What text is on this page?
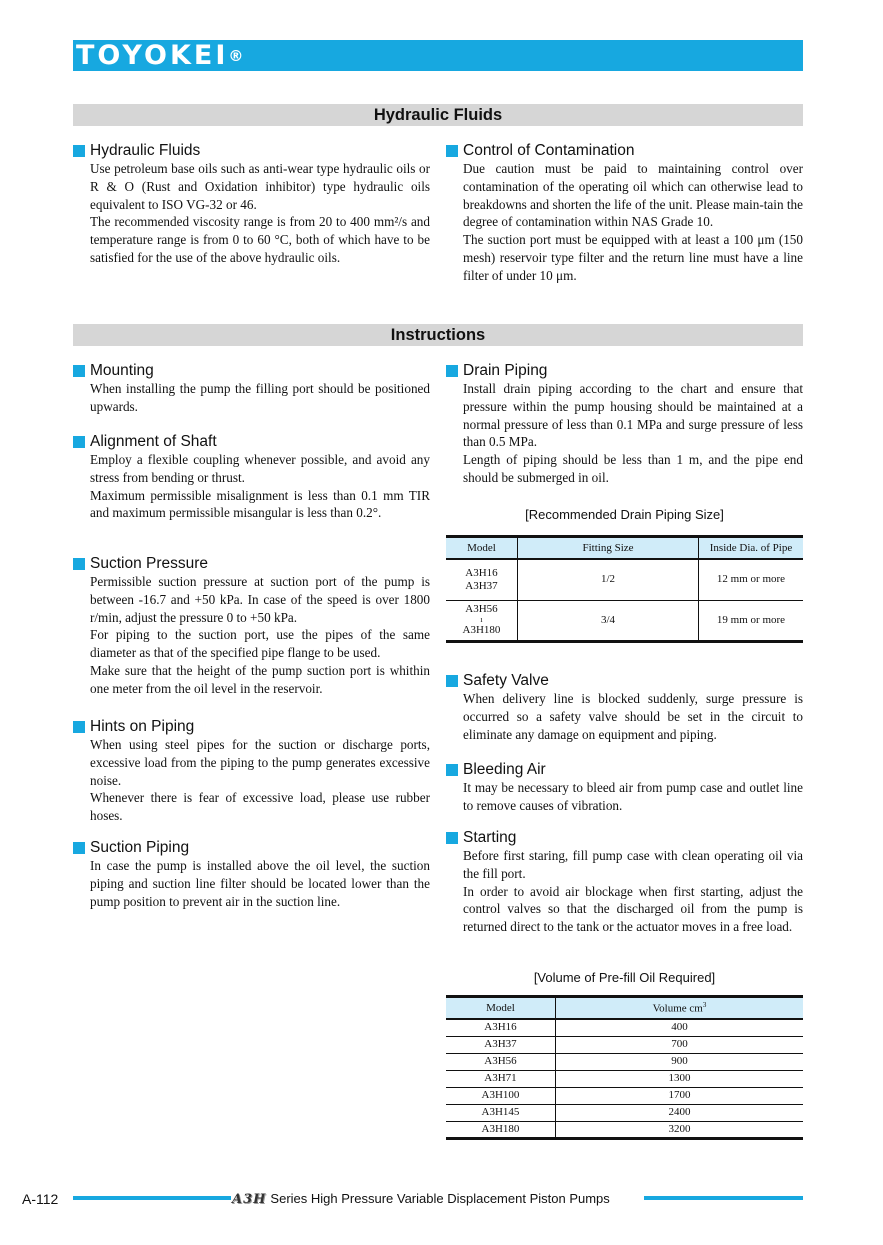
TOYOKEI®
Hydraulic Fluids
Hydraulic Fluids
Use petroleum base oils such as anti-wear type hydraulic oils or R & O (Rust and Oxidation inhibitor) type hydraulic oils equivalent to ISO VG-32 or 46.
The recommended viscosity range is from 20 to 400 mm²/s and temperature range is from 0 to 60 °C, both of which have to be satisfied for the use of the above hydraulic oils.
Control of Contamination
Due caution must be paid to maintaining control over contamination of the operating oil which can otherwise lead to breakdowns and shorten the life of the unit. Please main-tain the degree of contamination within NAS Grade 10.
The suction port must be equipped with at least a 100 μm (150 mesh) reservoir type filter and the return line must have a line filter of under 10 μm.
Instructions
Mounting
When installing the pump the filling port should be positioned upwards.
Alignment of Shaft
Employ a flexible coupling whenever possible, and avoid any stress from bending or thrust.
Maximum permissible misalignment is less than 0.1 mm TIR and maximum permissible misangular is less than 0.2°.
Suction Pressure
Permissible suction pressure at suction port of the pump is between -16.7 and +50 kPa. In case of the speed is over 1800 r/min, adjust the pressure 0 to +50 kPa.
For piping to the suction port, use the pipes of the same diameter as that of the specified pipe flange to be used.
Make sure that the height of the pump suction port is whithin one meter from the oil level in the reservoir.
Hints on Piping
When using steel pipes for the suction or discharge ports, excessive load from the piping to the pump generates excessive noise.
Whenever there is fear of excessive load, please use rubber hoses.
Suction Piping
In case the pump is installed above the oil level, the suction piping and suction line filter should be located lower than the pump position to prevent air in the suction line.
Drain Piping
Install drain piping according to the chart and ensure that pressure within the pump housing should be maintained at a normal pressure of less than 0.1 MPa and surge pressure of less than 0.5 MPa.
Length of piping should be less than 1 m, and the pipe end should be submerged in oil.
[Recommended Drain Piping Size]
Model	Fitting Size	Inside Dia. of Pipe

A3H16
A3H37	1/2	12 mm or more

A3H56
ı
A3H180	3/4	19 mm or more
Safety Valve
When delivery line is blocked suddenly, surge pressure is occurred so a safety valve should be set in the circuit to eliminate any damage on equipment and piping.
Bleeding Air
It may be necessary to bleed air from pump case and outlet line to remove causes of vibration.
Starting
Before first staring, fill pump case with clean operating oil via the fill port.
In order to avoid air blockage when first starting, adjust the control valves so that the discharged oil from the pump is returned direct to the tank or the actuator moves in a free load.
[Volume of Pre-fill Oil Required]
Model	Volume $cm^3$
A3H16	400
A3H37	700
A3H56	900
A3H71	1300
A3H100	1700
A3H145	2400
A3H180	3200
A-112	A3H Series High Pressure Variable Displacement Piston Pumps
